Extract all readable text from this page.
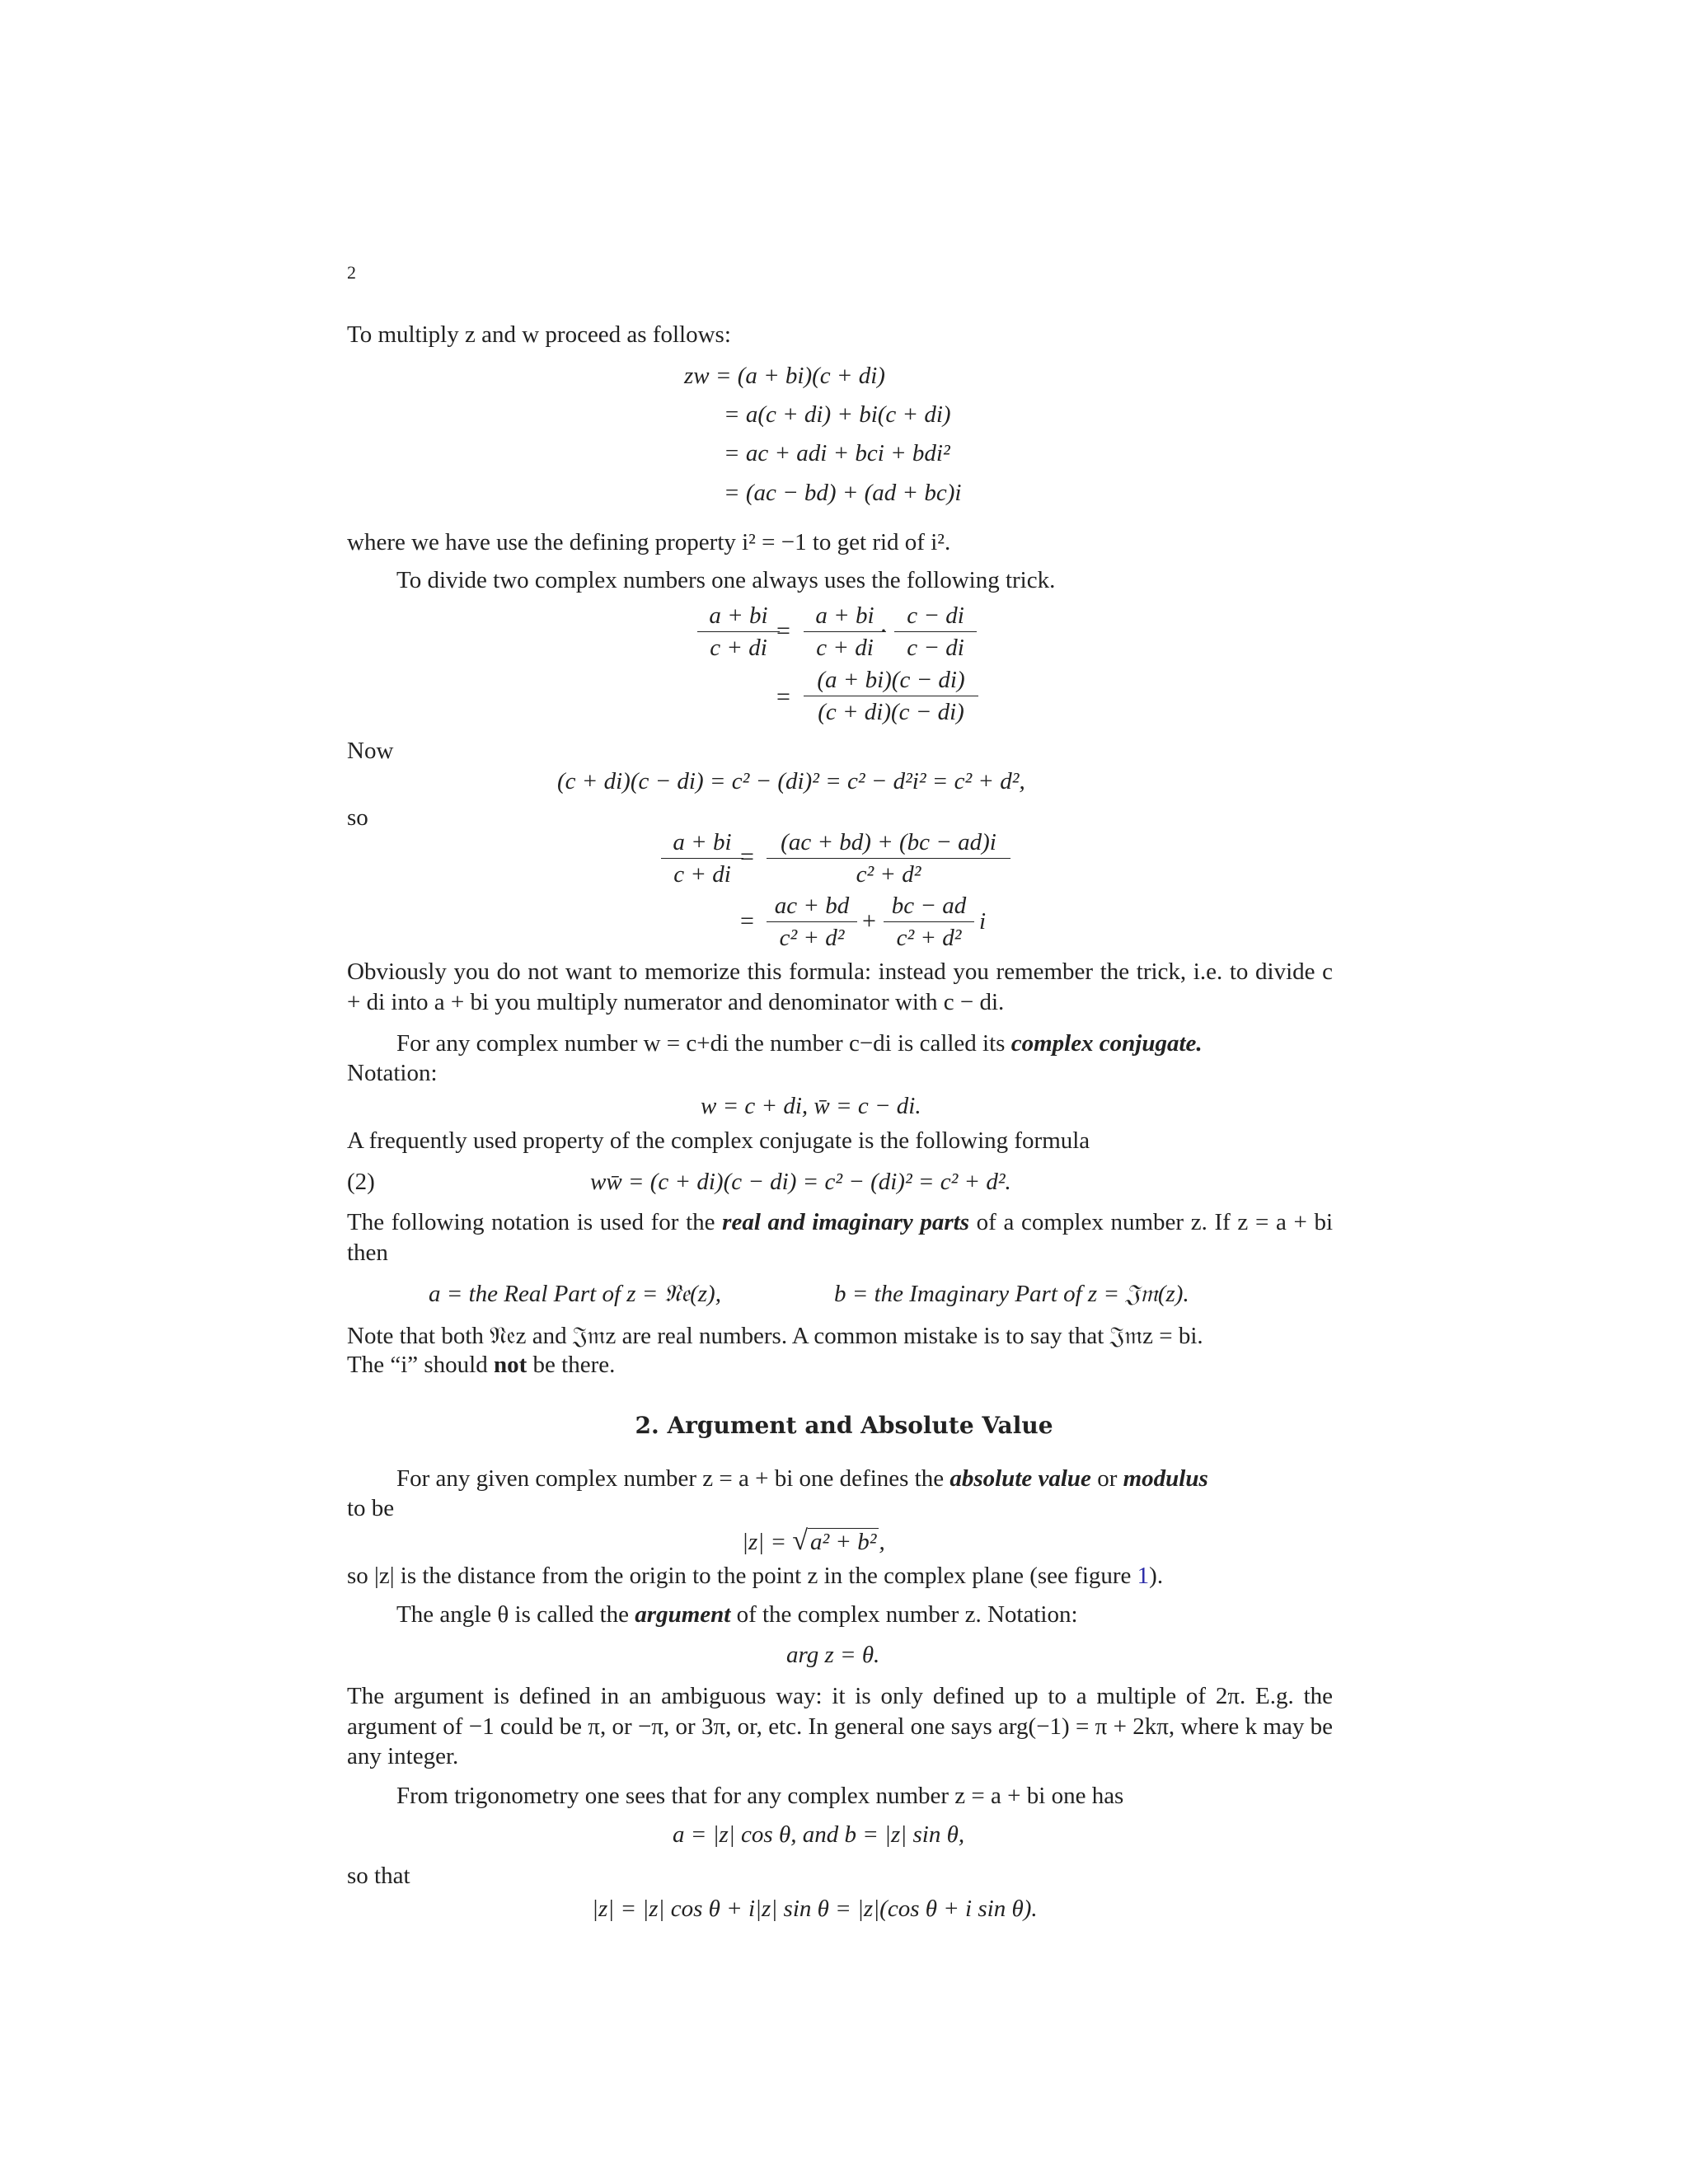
2

To multiply z and w proceed as follows:

zw = (a + bi)(c + di)
= a(c + di) + bi(c + di)
= ac + adi + bci + bdi²
= (ac − bd) + (ad + bc)i

where we have use the defining property i² = −1 to get rid of i².

To divide two complex numbers one always uses the following trick.

$\frac{a + bi}{c + di}$
= $\frac{a + bi}{c + di}$
· $\frac{c - di}{c - di}$
= $\frac{(a + bi)(c - di)}{(c + di)(c - di)}$

Now

(c + di)(c − di) = c² − (di)² = c² − d²i² = c² + d²,

so

$\frac{a + bi}{c + di}$
= $\frac{(ac + bd) + (bc - ad)i}{\text{c² + d²}}$
= $\frac{ac + bd}{\text{c² + d²}} + \frac{bc - ad}{\text{c² + d²}}$ i

Obviously you do not want to memorize this formula: instead you remember the trick, i.e. to divide c + di into a + bi you multiply numerator and denominator with c − di.

For any complex number w = c+di the number c−di is called its complex conjugate.

Notation:

w = c + di, w̄ = c − di.

A frequently used property of the complex conjugate is the following formula

(2)	ww̄ = (c + di)(c − di) = c² − (di)² = c² + d².

The following notation is used for the real and imaginary parts of a complex number z. If z = a + bi then

a = the Real Part of z = 𝔑𝔢(z),	b = the Imaginary Part of z = 𝔍𝔪(z).

Note that both 𝔑𝔢z and 𝔍𝔪z are real numbers. A common mistake is to say that 𝔍𝔪z = bi.

The “i” should not be there.

2. Argument and Absolute Value

For any given complex number z = a + bi one defines the absolute value or modulus

to be

|z| = √ a² + b² ,

so |z| is the distance from the origin to the point z in the complex plane (see figure 1).

The angle θ is called the argument of the complex number z. Notation:

arg z = θ.

The argument is defined in an ambiguous way: it is only defined up to a multiple of 2π. E.g. the argument of −1 could be π, or −π, or 3π, or, etc. In general one says arg(−1) = π + 2kπ, where k may be any integer.

From trigonometry one sees that for any complex number z = a + bi one has

a = |z| cos θ, and b = |z| sin θ,

so that

|z| = |z| cos θ + i|z| sin θ = |z|(cos θ + i sin θ).
